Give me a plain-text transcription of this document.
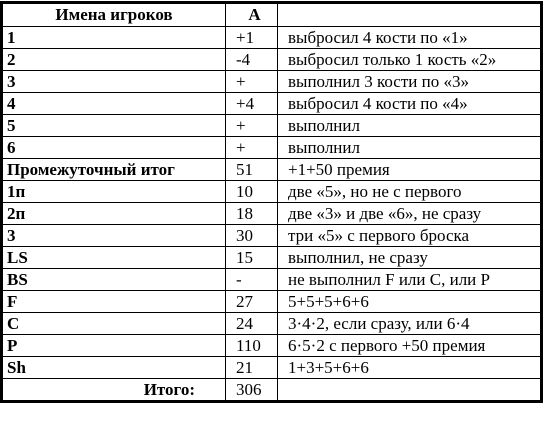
Имена игроков	A	
1	+1	выбросил 4 кости по «1»
2	-4	выбросил только 1 кость «2»
3	+	выполнил 3 кости по «3»
4	+4	выбросил 4 кости по «4»
5	+	выполнил
6	+	выполнил
Промежуточный итог	51	+1+50 премия
1п	10	две «5», но не с первого
2п	18	две «3» и две «6», не сразу
3	30	три «5» с первого броска
LS	15	выполнил, не сразу
BS	-	не выполнил F или C, или P
F	27	5+5+5+6+6
C	24	3·4·2, если сразу, или 6·4
P	110	6·5·2 с первого +50 премия
Sh	21	1+3+5+6+6
Итого:	306	
